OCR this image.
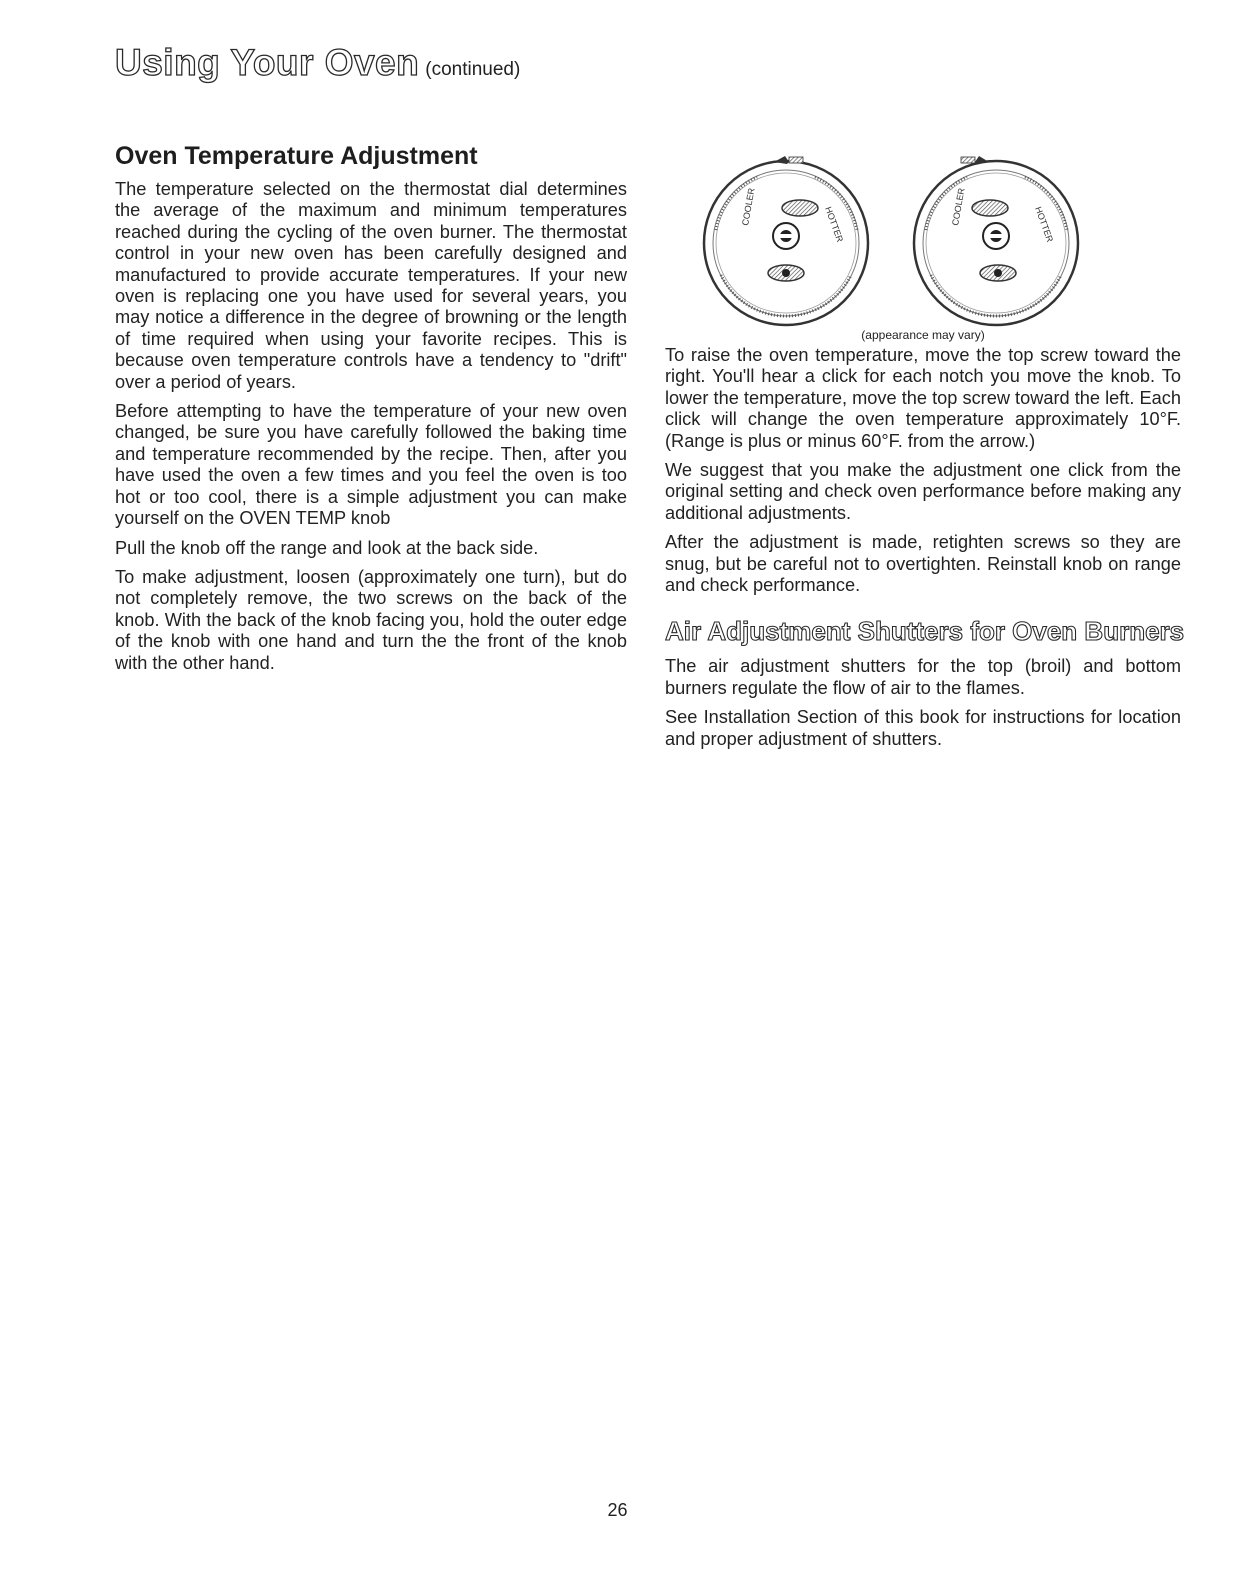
Using Your Oven (continued)
Oven Temperature Adjustment

The temperature selected on the thermostat dial determines the average of the maximum and minimum temperatures reached during the cycling of the oven burner. The thermostat control in your new oven has been carefully designed and manufactured to provide accurate temperatures. If your new oven is replacing one you have used for several years, you may notice a difference in the degree of browning or the length of time required when using your favorite recipes. This is because oven temperature controls have a tendency to "drift" over a period of years.

Before attempting to have the temperature of your new oven changed, be sure you have carefully followed the baking time and temperature recommended by the recipe. Then, after you have used the oven a few times and you feel the oven is too hot or too cool, there is a simple adjustment you can make yourself on the OVEN TEMP knob

Pull the knob off the range and look at the back side.

To make adjustment, loosen (approximately one turn), but do not completely remove, the two screws on the back of the knob. With the back of the knob facing you, hold the outer edge of the knob with one hand and turn the the front of the knob with the other hand.

COOLER	HOTTER	COOLER	HOTTER
(appearance may vary)

To raise the oven temperature, move the top screw toward the right. You'll hear a click for each notch you move the knob. To lower the temperature, move the top screw toward the left. Each click will change the oven temperature approximately 10°F. (Range is plus or minus 60°F. from the arrow.)

We suggest that you make the adjustment one click from the original setting and check oven performance before making any additional adjustments.

After the adjustment is made, retighten screws so they are snug, but be careful not to overtighten. Reinstall knob on range and check performance.

Air Adjustment Shutters for Oven Burners

The air adjustment shutters for the top (broil) and bottom burners regulate the flow of air to the flames.

See Installation Section of this book for instructions for location and proper adjustment of shutters.

26
